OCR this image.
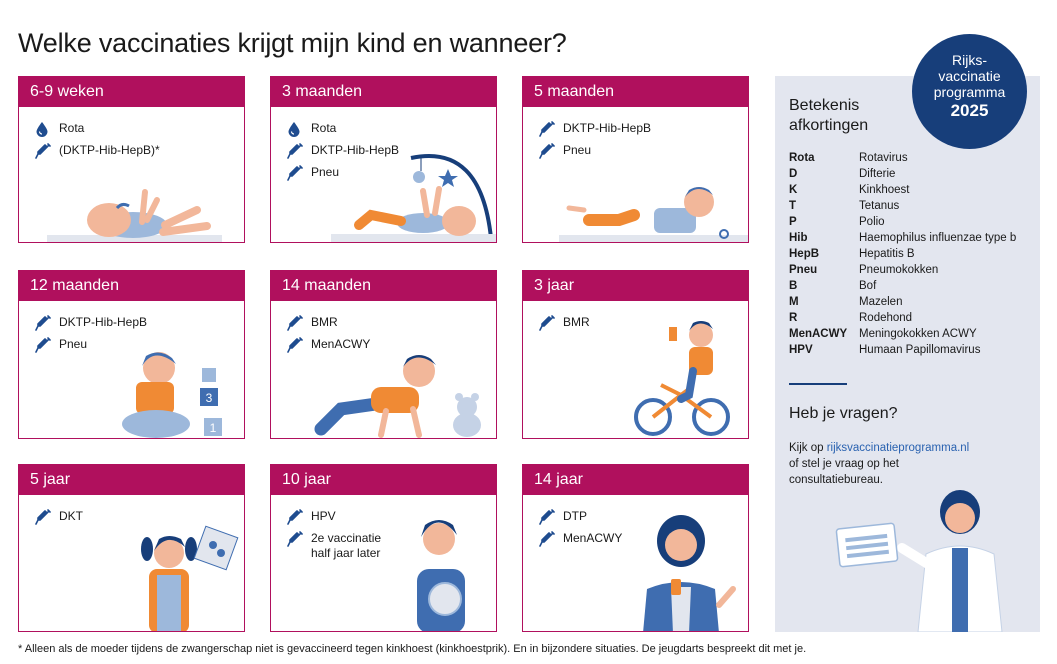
Welke vaccinaties krijgt mijn kind en wanneer?
6-9 weken
Rota
(DKTP-Hib-HepB)*
3 maanden
Rota
DKTP-Hib-HepB
Pneu
5 maanden
DKTP-Hib-HepB
Pneu
12 maanden
DKTP-Hib-HepB
Pneu
3
1
14 maanden
BMR
MenACWY
3 jaar
BMR
5 jaar
DKT
10 jaar
HPV
2e vaccinatie
half jaar later
14 jaar
DTP
MenACWY
Rijks-
vaccinatie
programma
2025
Betekenis
afkortingen
Rota	Rotavirus
D	Difterie
K	Kinkhoest
T	Tetanus
P	Polio
Hib	Haemophilus influenzae type b
HepB	Hepatitis B
Pneu	Pneumokokken
B	Bof
M	Mazelen
R	Rodehond
MenACWY Meningokokken ACWY
HPV	Humaan Papillomavirus
Heb je vragen?
Kijk op rijksvaccinatieprogramma.nl
of stel je vraag op het
consultatiebureau.
* Alleen als de moeder tijdens de zwangerschap niet is gevaccineerd tegen kinkhoest (kinkhoestprik). En in bijzondere situaties. De jeugdarts bespreekt dit met je.
